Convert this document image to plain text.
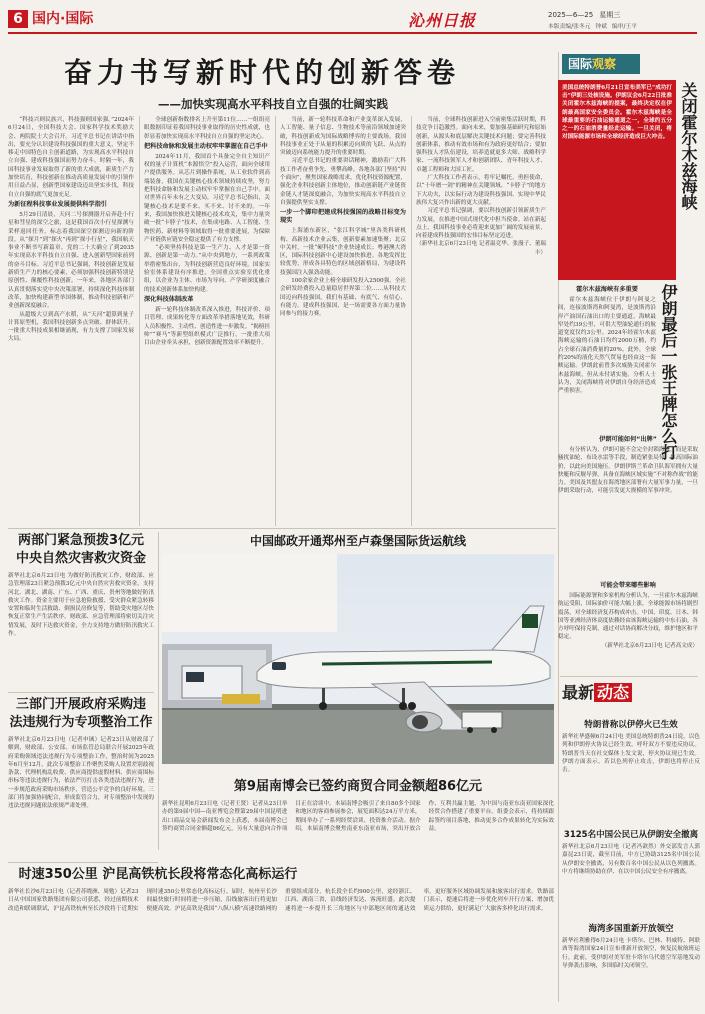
6 国内·国际	沁州日报	2025—6—25 星期三
本版责编/张冬元 钟斌 编审/王平
奋力书写新时代的创新答卷
——加快实现高水平科技自立自强的壮阔实践

“科技兴则民族兴，科技强则国家强。”2024年6月24日，全国科技大会、国家科学技术奖励大会、两院院士大会召开。习近平总书记在讲话中指出，要充分认识建设科技强国的重大意义，坚定不移走中国特色自主创新道路，为实现高水平科技自立自强、建成科技强国而努力奋斗。时隔一年，我国科技事业发展取得了新的重大成就，新质生产力加快培育，科技创新在推动高质量发展中的引领作用日益凸显，创新型国家建设迈出坚实步伐，科技自立自强的底气更加充足。

为新征程科技事业发展提供科学指引

5月29日清晨，天问二号探测器开启奔赴小行星和彗星的深空之旅，这是我国首次小行星探测与采样返回任务，标志着我国深空探测迈向新的阶段。从“探月”到“探火”再到“探小行星”，我国航天事业不断书写新篇章。党的二十大确立了到2035年实现高水平科技自立自强、进入创新型国家前列的奋斗目标。习近平总书记强调，科技创新是发展新质生产力的核心要素，必须加强科技创新特别是原创性、颠覆性科技创新。一年来，各地区各部门认真贯彻落实党中央决策部署，持续深化科技体制改革，加快构建新型举国体制，推动科技创新和产业创新深度融合。

从超级大豆到高产水稻，从“天河”超算到量子计算原型机，我国科技创新多点突破、群体跃升。一批重大科技成果相继涌现，有力支撑了国家发展大局。

全球创新指数排名上升至第11位……一组组亮眼数据印证着我国科技事业取得的历史性成就，也彰显着加快实现高水平科技自立自强的坚定决心。

把科技命脉和发展主动权牢牢掌握在自己手中

2024年11月，我国首个具备完全自主知识产权的量子计算机“本源悟空”投入运营，面向全球用户提供服务。从芯片到操作系统，从工业软件到高端装备，我国在关键核心技术领域持续攻坚，努力把科技命脉和发展主动权牢牢掌握在自己手中。面对世界百年未有之大变局，习近平总书记指出，关键核心技术是要不来、买不来、讨不来的。一年来，我国加快推进关键核心技术攻关，集中力量突破一批“卡脖子”技术，在集成电路、人工智能、生物医药、新材料等领域取得一批重要进展，为保障产业链供应链安全稳定提供了有力支撑。

“必须坚持科技是第一生产力、人才是第一资源、创新是第一动力。”从中央到地方，一系列政策举措密集出台，为科技创新营造良好环境。国家实验室体系建设有序推进，全国重点实验室优化重组，以企业为主体、市场为导向、产学研深度融合的技术创新体系加快构建。

深化科技体制改革

新一轮科技体制改革深入推进，科技评价、项目管理、成果转化等方面改革举措落地见效，科研人员积极性、主动性、创造性进一步激发。“揭榜挂帅”“赛马”等新型组织模式广泛推行，一批重大项目由企业牵头承担，创新资源配置效率不断提升。

当前，新一轮科技革命和产业变革深入发展，人工智能、量子信息、生物技术等前沿领域加速突破，科技创新成为国际战略博弈的主要战场。我国科技事业正处于从量的积累迈向质的飞跃、从点的突破迈向系统能力提升的重要时期。

习近平总书记的重要讲话精神，激励着广大科技工作者奋勇争先、勇攀高峰。各地各部门坚持“四个面向”，聚焦国家战略需求，优化科技资源配置，强化企业科技创新主体地位，推动创新链产业链资金链人才链深度融合，为加快实现高水平科技自立自强提供坚实支撑。

一步一个脚印把建成科技强国的战略目标变为现实

上海浦东新区，“张江科学城”里各类科研机构、高新技术企业云集，创新要素加速集聚；北京中关村，一批“硬科技”企业快速成长；粤港澳大湾区，国际科技创新中心建设加快推进。各地发挥比较优势，形成各具特色的区域创新格局，为建设科技强国注入强劲动能。

100余家企业上榜全球研发投入2500强，全社会研发经费投入总量稳居世界第二位……从科技大国迈向科技强国，我们有基础、有底气、有信心、有能力。建成科技强国，是一场需要各方面力量协同参与的接力赛。

当前，全球科技创新进入空前密集活跃时期，科技竞争日趋激烈。面向未来，要加强基础研究和原始创新，从源头和底层解决关键技术问题；要完善科技创新体系，推动有效市场和有为政府更好结合；要加强科技人才队伍建设，培养造就更多大师、战略科学家、一流科技领军人才和创新团队、青年科技人才、卓越工程师和大国工匠。

广大科技工作者表示，将牢记嘱托，勇担使命，以“十年磨一剑”的精神在关键领域、“卡脖子”的地方下大功夫，以实际行动为建设科技强国、实现中华民族伟大复兴作出新的更大贡献。

习近平总书记强调，要以科技创新引领新质生产力发展，在推进中国式现代化中担当使命。站在新起点上，我国科技事业必将迎来更加广阔的发展前景，向着建成科技强国的宏伟目标坚定迈进。

（新华社北京6月23日电 记者温竞华、张漫子、董瑞丰）

国际观察
美国总统特朗普6月21日宣布美军已“成功打击”伊朗三处核设施。伊朗议会6月22日批准关闭霍尔木兹海峡的提案，最终决定权在伊朗最高国家安全委员会。霍尔木兹海峡是全球最重要的石油运输通道之一，全球约五分之一的石油消费量经此运输。一旦关闭，将对国际能源市场和全球经济造成巨大冲击。 关闭霍尔木兹海峡
伊朗最后一张王牌怎么打
霍尔木兹海峡有多重要

霍尔木兹海峡位于伊朗与阿曼之间，连接波斯湾和阿曼湾，是波斯湾沿岸产油国石油出口的主要通道。海峡最窄处约39公里，可供大型油轮通行的航道宽度仅约3公里。2024年经霍尔木兹海峡运输的石油日均约2000万桶，约占全球石油消费量的20%。此外，全球约20%的液化天然气贸易也经由这一海峡运输。伊朗此前曾多次威胁关闭霍尔木兹海峡，但从未付诸实施。分析人士认为，关闭海峡将对伊朗自身经济造成严重损害。

伊朗可能如何“出牌”

有分析认为，伊朗可能不会完全封锁海峡，而是采取骚扰油轮、布设水雷等手段，制造紧张局势，推高国际油价，以此向美国施压。伊朗伊斯兰革命卫队海军拥有大量快艇和反舰导弹，具备在海峡区域实施“不对称作战”的能力。美国及其盟友在海湾地区部署有大量军事力量，一旦伊朗采取行动，可能引发更大规模的军事冲突。

可能会带来哪些影响

国际能源署和多家机构分析认为，一旦霍尔木兹海峡航运受阻，国际油价可能大幅上涨，全球能源市场将剧烈震荡，对全球经济复苏构成冲击。中国、印度、日本、韩国等亚洲经济体高度依赖经由该海峡运输的中东石油。各方呼吁保持克制，通过对话协商解决分歧，维护地区和平稳定。

（新华社北京6月23日电 记者高文成）

最新 动态
特朗普称以伊停火已生效
新华社华盛顿6月24日电 美国总统特朗普24日说，以色列和伊朗停火协议已经生效，呼吁双方不要违反协议。特朗普当天在社交媒体上发文说，停火协议现已生效。伊朗方面表示，若以色列停止攻击，伊朗也将停止反击。
3125名中国公民已从伊朗安全撤离
新华社北京6月23日电（记者冯歆然）外交部发言人郭嘉昆23日说，截至目前，中方已协助3125名中国公民从伊朗安全撤离，另有数百名中国公民从以色列撤离。中方将继续协助在伊、在以中国公民安全有序撤离。
海湾多国重新开放领空
新华社利雅得6月24日电 卡塔尔、巴林、科威特、阿联酋等海湾国家24日宣布重新开放领空，恢复民航航班运行。此前，受伊朗对美军驻卡塔尔乌代德空军基地发动导弹袭击影响，多国临时关闭领空。
两部门紧急预拨3亿元
中央自然灾害救灾资金
新华社北京6月23日电 为做好防汛救灾工作，财政部、应急管理部23日紧急预拨3亿元中央自然灾害救灾资金，支持河北、湖北、湖南、广东、广西、重庆、贵州等地做好防汛救灾工作。资金主要用于应急抢险救援、受灾群众紧急转移安置和临时生活救助、倒损民房修复等，帮助受灾地区尽快恢复正常生产生活秩序。财政部、应急管理部将密切关注灾情发展，及时下达救灾资金，全力支持地方做好防汛救灾工作。
三部门开展政府采购违
法违规行为专项整治工作
新华社北京6月23日电（记者申铖）记者23日从财政部了解到，财政部、公安部、市场监管总局联合开展2025年政府采购领域违法违规行为专项整治工作，整治时间为2025年6月至12月。此次专项整治工作聚焦采购人设置差别歧视条款、代理机构乱收费、供应商提供虚假材料、供应商围标串标等违法违规行为，依法严厉打击各类违法违规行为，进一步规范政府采购市场秩序，营造公平竞争的良好环境。三部门将加强协同配合，形成监管合力，对专项整治中发现的违法违规问题依法依规严肃处理。
中国邮政开通郑州至卢森堡国际货运航线
第9届南博会已签约商贸合同金额超86亿元
新华社昆明6月23日电（记者王贤）记者从23日举办的第9届中国—南亚博览会暨第29届中国昆明进出口商品交易会新闻发布会上获悉，本届南博会已签约商贸合同金额超86亿元，另有大量意向合作项目正在洽谈中。本届南博会吸引了来自80多个国家和地区的客商参展参会，展览面积达24万平方米，期间举办了一系列经贸洽谈、投资推介活动。据介绍，本届南博会聚焦南亚东南亚市场，突出开放合作、互利共赢主题，为中国与南亚东南亚国家深化经贸合作搭建了重要平台。组委会表示，将持续跟踪签约项目落地，推动更多合作成果转化为实际效益。
时速350公里 沪昆高铁杭长段将常态化高标运行
新华社长沙6月23日电（记者苏晓洲、周勉）记者23日从中国国家铁路集团有限公司获悉，经过前期技术改造和联调联试，沪昆高铁杭州至长沙段将于近期实现时速350公里常态化高标运行。届时，杭州至长沙间最快旅行时间将进一步压缩，沿线旅客出行将更加便捷高效。沪昆高铁是我国“八纵八横”高速铁路网的重要组成部分，杭长段全长约900公里，途经浙江、江西、湖南三省，沿线经济发达、客流旺盛。此次提速将进一步提升长三角地区与中部地区间的通达效率，更好服务区域协调发展和旅客出行需求。铁路部门表示，提速后将进一步优化列车开行方案，增加优质运力供给，更好满足广大旅客多样化出行需求。
